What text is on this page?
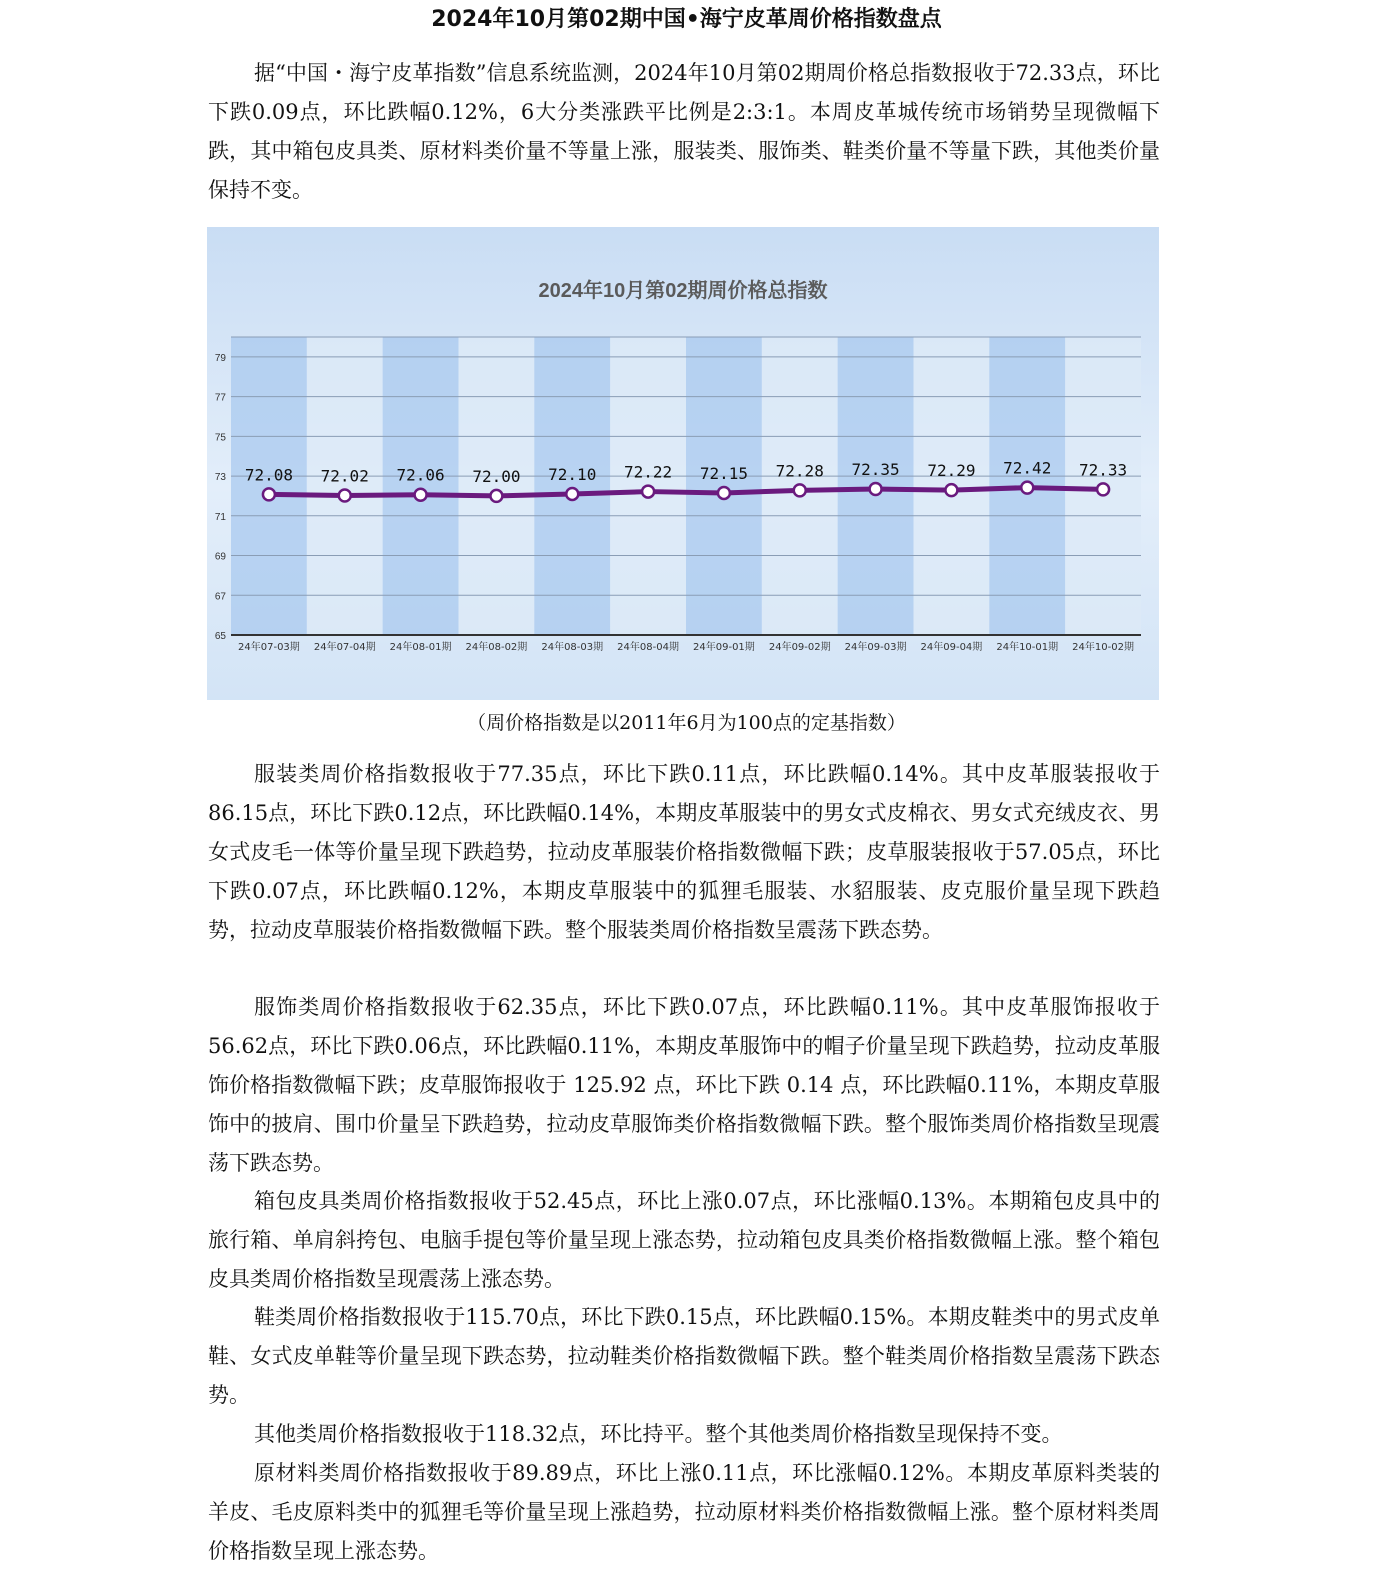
2024年10月第02期中国•海宁皮革周价格指数盘点

据“中国・海宁皮革指数”信息系统监测，2024年10月第02期周价格总指数报收于72.33点，环比下跌0.09点，环比跌幅0.12%，6大分类涨跌平比例是2:3:1。本周皮革城传统市场销势呈现微幅下跌，其中箱包皮具类、原材料类价量不等量上涨，服装类、服饰类、鞋类价量不等量下跌，其他类价量保持不变。

2024年10月第02期周价格总指数
65
67
69
71
73
75
77
79
24年07-03期 24年07-04期 24年08-01期 24年08-02期 24年08-03期 24年08-04期 24年09-01期 24年09-02期 24年09-03期 24年09-04期 24年10-01期 24年10-02期
72.08 72.02 72.06 72.00 72.10 72.22 72.15 72.28 72.35 72.29 72.42 72.33

（周价格指数是以2011年6月为100点的定基指数）

服装类周价格指数报收于77.35点，环比下跌0.11点，环比跌幅0.14%。其中皮革服装报收于86.15点，环比下跌0.12点，环比跌幅0.14%，本期皮革服装中的男女式皮棉衣、男女式充绒皮衣、男女式皮毛一体等价量呈现下跌趋势，拉动皮革服装价格指数微幅下跌；皮草服装报收于57.05点，环比下跌0.07点，环比跌幅0.12%，本期皮草服装中的狐狸毛服装、水貂服装、皮克服价量呈现下跌趋势，拉动皮草服装价格指数微幅下跌。整个服装类周价格指数呈震荡下跌态势。

服饰类周价格指数报收于62.35点，环比下跌0.07点，环比跌幅0.11%。其中皮革服饰报收于56.62点，环比下跌0.06点，环比跌幅0.11%，本期皮革服饰中的帽子价量呈现下跌趋势，拉动皮革服饰价格指数微幅下跌；皮草服饰报收于 125.92 点，环比下跌 0.14 点，环比跌幅0.11%，本期皮草服饰中的披肩、围巾价量呈下跌趋势，拉动皮草服饰类价格指数微幅下跌。整个服饰类周价格指数呈现震荡下跌态势。

箱包皮具类周价格指数报收于52.45点，环比上涨0.07点，环比涨幅0.13%。本期箱包皮具中的旅行箱、单肩斜挎包、电脑手提包等价量呈现上涨态势，拉动箱包皮具类价格指数微幅上涨。整个箱包皮具类周价格指数呈现震荡上涨态势。

鞋类周价格指数报收于115.70点，环比下跌0.15点，环比跌幅0.15%。本期皮鞋类中的男式皮单鞋、女式皮单鞋等价量呈现下跌态势，拉动鞋类价格指数微幅下跌。整个鞋类周价格指数呈震荡下跌态势。

其他类周价格指数报收于118.32点，环比持平。整个其他类周价格指数呈现保持不变。

原材料类周价格指数报收于89.89点，环比上涨0.11点，环比涨幅0.12%。本期皮革原料类装的羊皮、毛皮原料类中的狐狸毛等价量呈现上涨趋势，拉动原材料类价格指数微幅上涨。整个原材料类周价格指数呈现上涨态势。
